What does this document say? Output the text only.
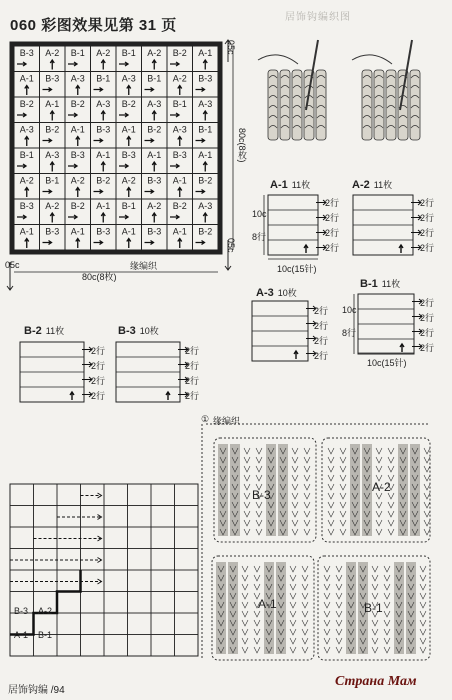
060 彩图效果见第 31 页	居饰钩编织图
B-3 A-2 B-1 A-2 B-1 A-2 B-2 A-1
A-1 B-3 A-3 B-1 A-3 B-1 A-2 B-3
B-2 A-1 B-2 A-3 B-2 A-3 B-1 A-3
A-3 B-2 A-1 B-3 A-1 B-2 A-3 B-1
B-1 A-3 B-3 A-1 B-3 A-1 B-3 A-1
A-2 B-1 A-2 B-2 A-2 B-3 A-1 B-2
B-3 A-2 B-2 A-1 B-1 A-2 B-2 A-3
A-1 B-3 A-1 B-3 A-1 B-3 A-1 B-2
缘编织
80c(8枚)
80c(8枚)
05c
05c
05c
A-1 11枚
10c
8行
10c(15针)
2行
2行
2行
2行
A-2 11枚
2行
2行
2行
2行
A-3 10枚
2行
2行
2行
2行
B-1 11枚
10c
8行
10c(15针)
2行
2行
2行
2行
B-2 11枚
2行
2行
2行
2行
B-3 10枚
2行
2行
2行
2行
B-3 A-2
A-1 B-1
① 缘编织
B-3
A-2
A-1	B-1
居饰钩编 /94
Страна Мам
